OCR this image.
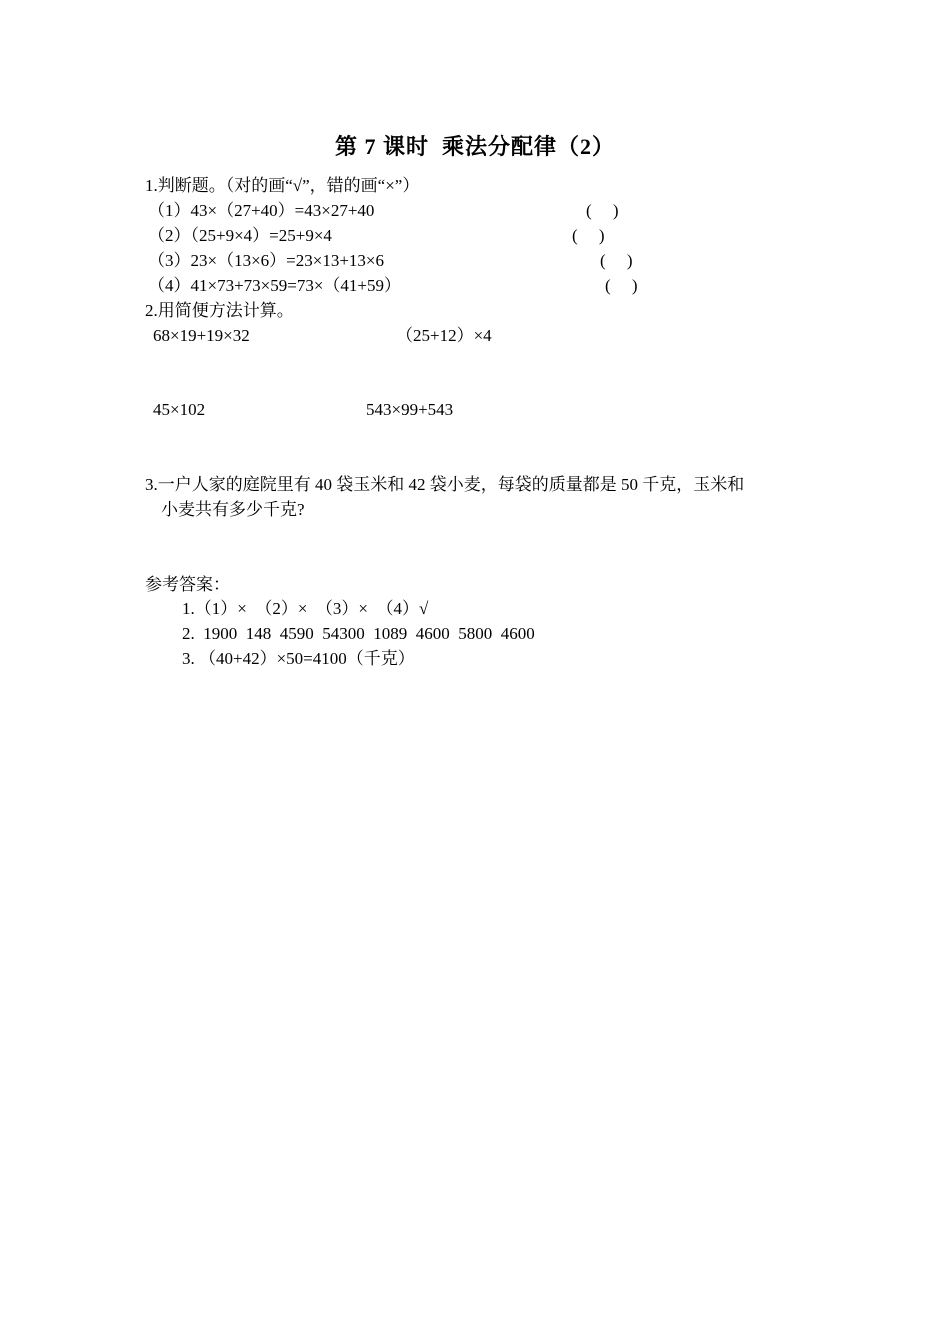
第 7 课时  乘法分配律（2）
1.判断题。（对的画“√”，错的画“×”）
（1）43×（27+40）=43×27+40	(     )
（2）（25+9×4）=25+9×4	(     )
（3）23×（13×6）=23×13+13×6	(     )
（4）41×73+73×59=73×（41+59）	(     )
2.用简便方法计算。
68×19+19×32	（25+12）×4
45×102	543×99+543
3.一户人家的庭院里有 40 袋玉米和 42 袋小麦，每袋的质量都是 50 千克，玉米和
小麦共有多少千克?
参考答案：
1.（1）×  （2）×  （3）×  （4）√
2.  1900  148  4590  54300  1089  4600  5800  4600
3. （40+42）×50=4100（千克）
